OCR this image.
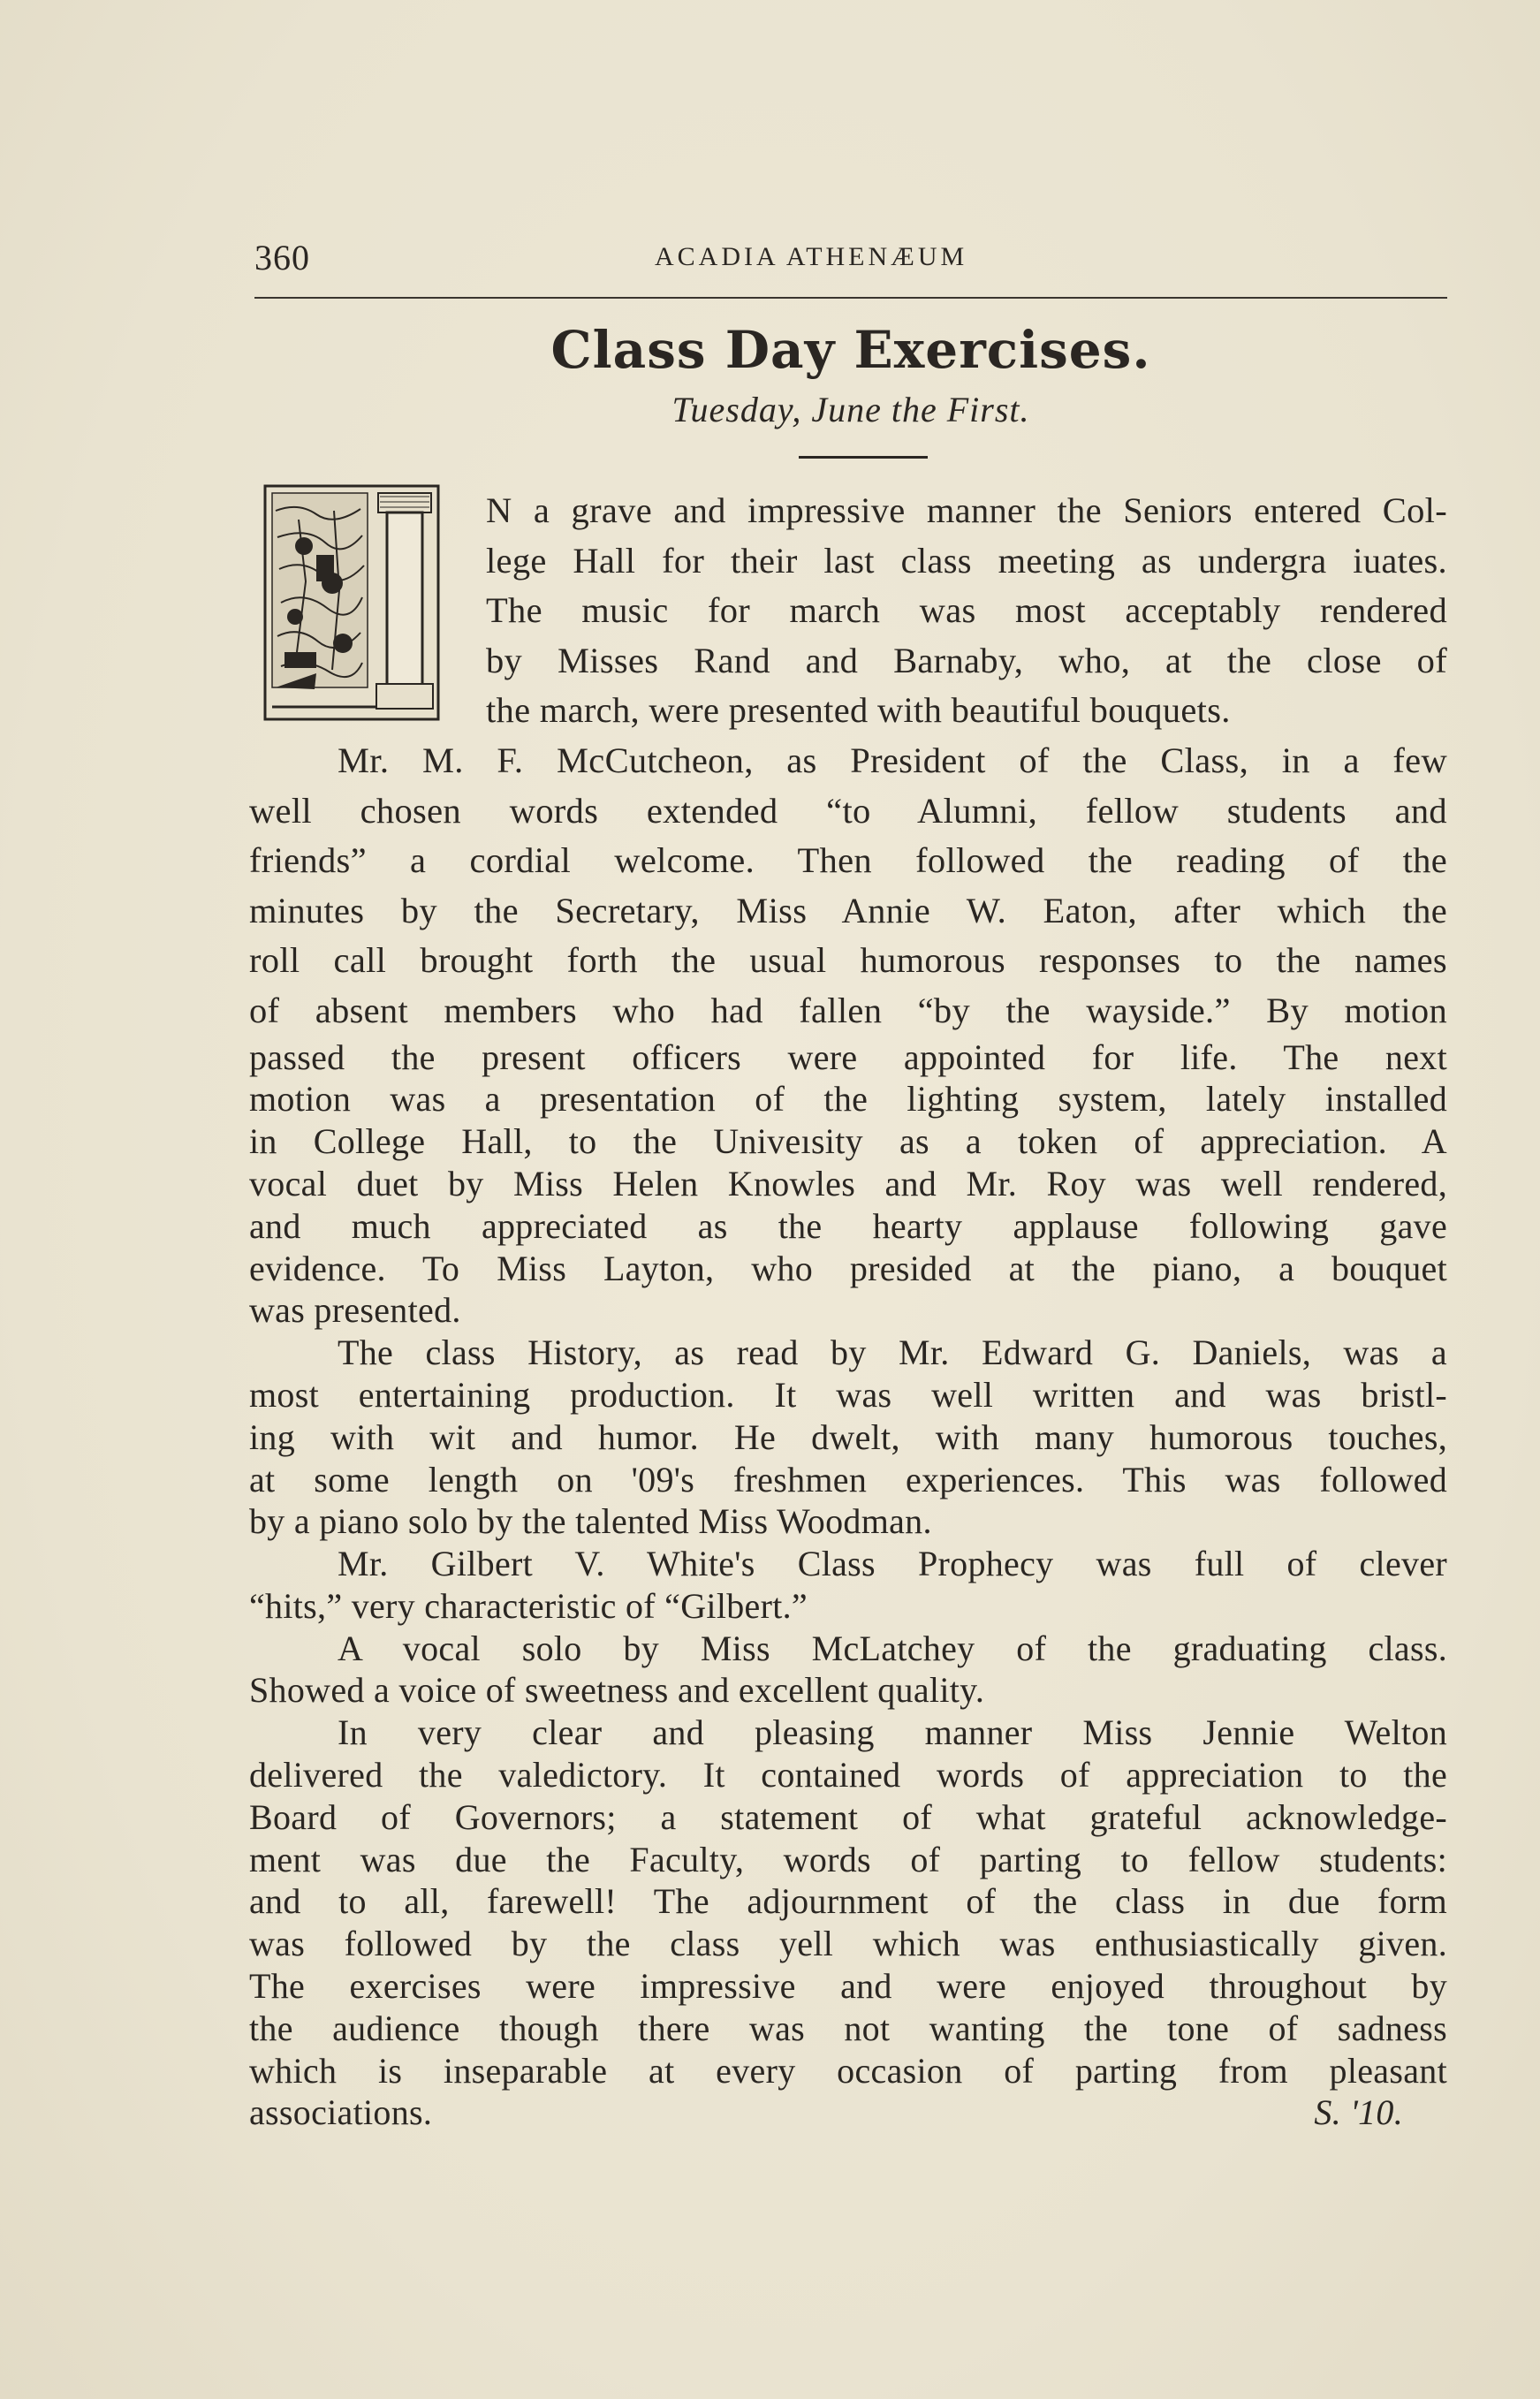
360	ACADIA ATHENÆUM
Class Day Exercises.
Tuesday, June the First.
N a grave and impressive manner the Seniors entered Col-
lege Hall for their last class meeting as undergra iuates.
The music for march was most acceptably rendered
by Misses Rand and Barnaby, who, at the close of
the march, were presented with beautiful bouquets.
Mr. M. F. McCutcheon, as President of the Class, in a few
well chosen words extended “to Alumni, fellow students and
friends” a cordial welcome. Then followed the reading of the
minutes by the Secretary, Miss Annie W. Eaton, after which the
roll call brought forth the usual humorous responses to the names
of absent members who had fallen “by the wayside.” By motion
passed the present officers were appointed for life. The next
motion was a presentation of the lighting system, lately installed
in College Hall, to the Univeısity as a token of appreciation. A
vocal duet by Miss Helen Knowles and Mr. Roy was well rendered,
and much appreciated as the hearty applause following gave
evidence. To Miss Layton, who presided at the piano, a bouquet
was presented.
The class History, as read by Mr. Edward G. Daniels, was a
most entertaining production. It was well written and was bristl-
ing with wit and humor. He dwelt, with many humorous touches,
at some length on '09's freshmen experiences. This was followed
by a piano solo by the talented Miss Woodman.
Mr. Gilbert V. White's Class Prophecy was full of clever
“hits,” very characteristic of “Gilbert.”
A vocal solo by Miss McLatchey of the graduating class.
Showed a voice of sweetness and excellent quality.
In very clear and pleasing manner Miss Jennie Welton
delivered the valedictory. It contained words of appreciation to the
Board of Governors; a statement of what grateful acknowledge-
ment was due the Faculty, words of parting to fellow students:
and to all, farewell! The adjournment of the class in due form
was followed by the class yell which was enthusiastically given.
The exercises were impressive and were enjoyed throughout by
the audience though there was not wanting the tone of sadness
which is inseparable at every occasion of parting from pleasant
associations.	S. '10.
